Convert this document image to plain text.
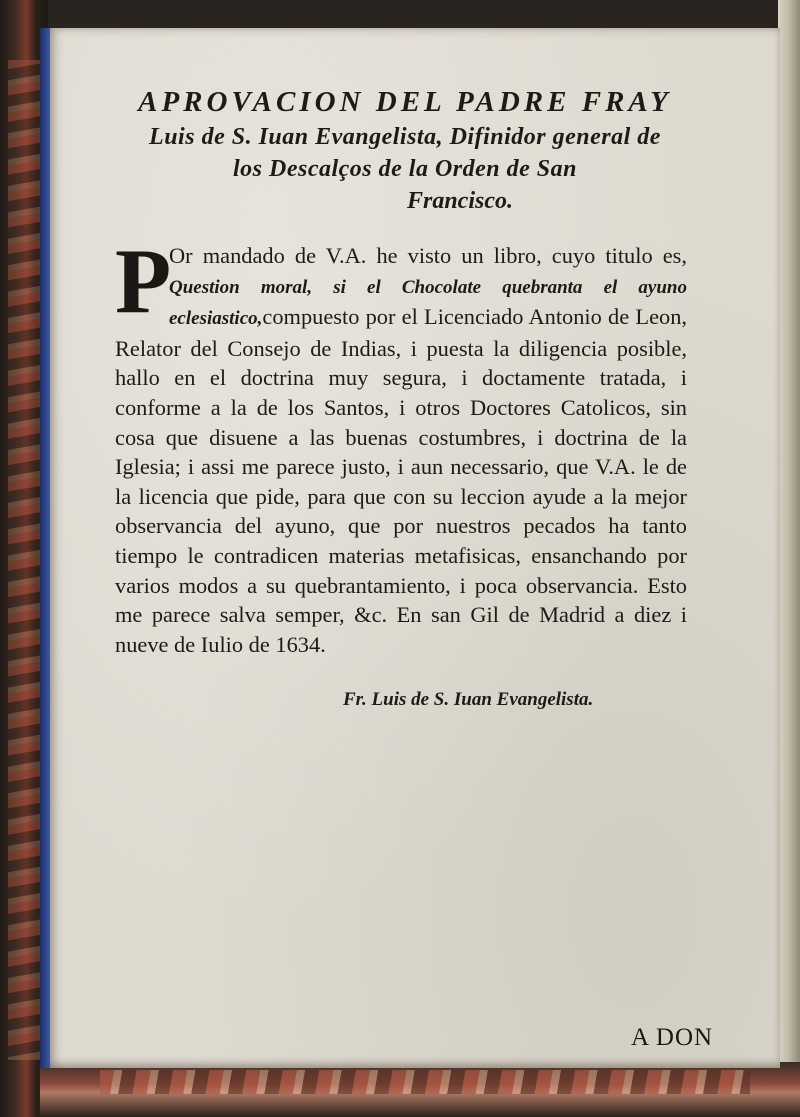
APROVACION DEL PADRE FRAY
Luis de S. Iuan Evangelista, Difinidor general de
los Descalços de la Orden de San
Francisco.
P
Or mandado de V.A. he visto un libro, cuyo titulo es, Question moral, si el Chocolate quebranta el ayuno eclesiastico,compuesto por el Licenciado Antonio de Leon, Relator del Consejo de Indias, i puesta la diligencia posible, hallo en el doctrina muy segura, i doctamente tratada, i conforme a la de los Santos, i otros Doctores Catolicos, sin cosa que disuene a las buenas costumbres, i doctrina de la Iglesia; i assi me parece justo, i aun necessario, que V.A. le de la licencia que pide, para que con su leccion ayude a la mejor observancia del ayuno, que por nuestros pecados ha tanto tiempo le contradicen materias metafisicas, ensanchando por varios modos a su quebrantamiento, i poca observancia. Esto me parece salva semper, &c. En san Gil de Madrid a diez i nueve de Iulio de 1634.
Fr. Luis de S. Iuan Evangelista.
A DON
